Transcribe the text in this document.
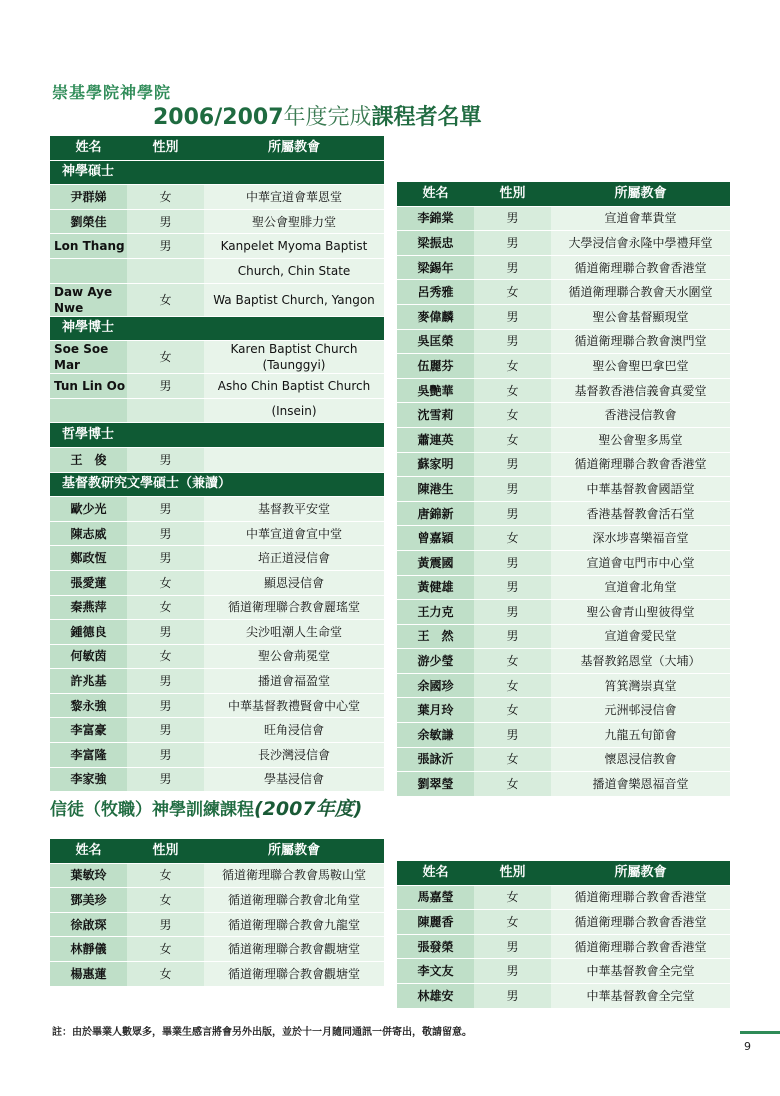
崇基學院神學院
2006/2007年度完成課程者名單
姓名	性別	所屬教會
神學碩士		
尹群娣	女	中華宣道會華恩堂
劉榮佳	男	聖公會聖腓力堂
Lon Thang	男	Kanpelet Myoma Baptist
		Church, Chin State
Daw Aye Nwe	女	Wa Baptist Church, Yangon
神學博士		
Soe Soe Mar	女	Karen Baptist Church (Taunggyi)
Tun Lin Oo	男	Asho Chin Baptist Church
		(Insein)
哲學博士		
王　俊	男	
基督教研究文學碩士（兼讀）		
歐少光	男	基督教平安堂
陳志威	男	中華宣道會宣中堂
鄭政恆	男	培正道浸信會
張愛蓮	女	顯恩浸信會
秦燕萍	女	循道衛理聯合教會麗瑤堂
鍾德良	男	尖沙咀潮人生命堂
何敏茵	女	聖公會荊冕堂
許兆基	男	播道會福盈堂
黎永強	男	中華基督教禮賢會中心堂
李富豪	男	旺角浸信會
李富隆	男	長沙灣浸信會
李家強	男	學基浸信會
姓名	性別	所屬教會
李錦棠	男	宣道會華貴堂
梁振忠	男	大學浸信會永隆中學禮拜堂
梁錫年	男	循道衛理聯合教會香港堂
呂秀雅	女	循道衛理聯合教會天水圍堂
麥偉麟	男	聖公會基督顯現堂
吳匡榮	男	循道衛理聯合教會澳門堂
伍麗芬	女	聖公會聖巴拿巴堂
吳艷華	女	基督教香港信義會真愛堂
沈雪莉	女	香港浸信教會
蕭連英	女	聖公會聖多馬堂
蘇家明	男	循道衛理聯合教會香港堂
陳港生	男	中華基督教會國語堂
唐錦新	男	香港基督教會活石堂
曾嘉穎	女	深水埗喜樂福音堂
黃震國	男	宣道會屯門市中心堂
黃健雄	男	宣道會北角堂
王力克	男	聖公會青山聖彼得堂
王　然	男	宣道會愛民堂
游少瑩	女	基督教銘恩堂（大埔）
余國珍	女	筲箕灣崇真堂
葉月玲	女	元洲邨浸信會
余敏謙	男	九龍五旬節會
張詠沂	女	懷恩浸信教會
劉翠瑩	女	播道會樂恩福音堂
信徒（牧職）神學訓練課程(2007年度)
姓名	性別	所屬教會
葉敏玲	女	循道衛理聯合教會馬鞍山堂
鄧美珍	女	循道衛理聯合教會北角堂
徐啟琛	男	循道衛理聯合教會九龍堂
林靜儀	女	循道衛理聯合教會觀塘堂
楊惠蓮	女	循道衛理聯合教會觀塘堂
姓名	性別	所屬教會
馬嘉瑩	女	循道衛理聯合教會香港堂
陳麗香	女	循道衛理聯合教會香港堂
張發榮	男	循道衛理聯合教會香港堂
李文友	男	中華基督教會全完堂
林雄安	男	中華基督教會全完堂
註：由於畢業人數眾多，畢業生感言將會另外出版，並於十一月隨同通訊一併寄出，敬請留意。
9
